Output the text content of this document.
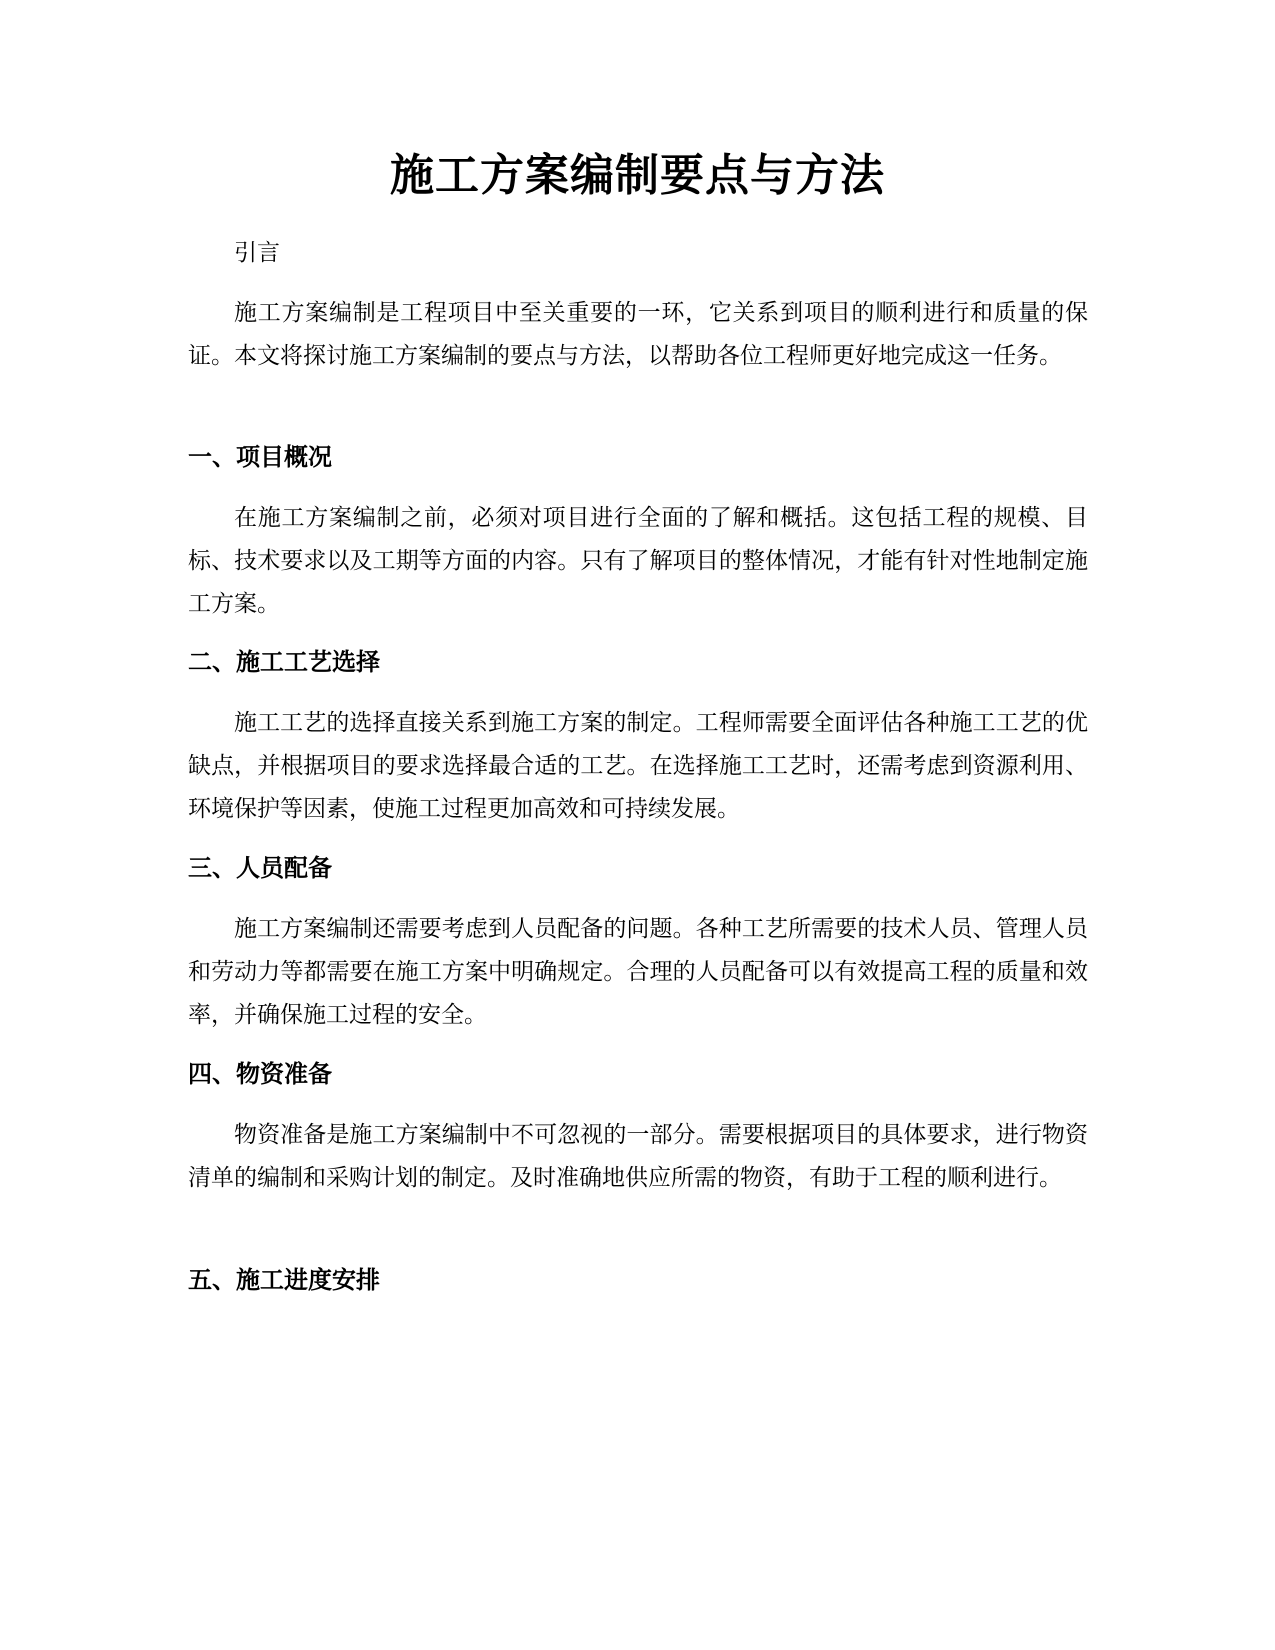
施工方案编制要点与方法

引言

施工方案编制是工程项目中至关重要的一环，它关系到项目的顺利进行和质量的保证。本文将探讨施工方案编制的要点与方法，以帮助各位工程师更好地完成这一任务。

一、项目概况

在施工方案编制之前，必须对项目进行全面的了解和概括。这包括工程的规模、目标、技术要求以及工期等方面的内容。只有了解项目的整体情况，才能有针对性地制定施工方案。

二、施工工艺选择

施工工艺的选择直接关系到施工方案的制定。工程师需要全面评估各种施工工艺的优缺点，并根据项目的要求选择最合适的工艺。在选择施工工艺时，还需考虑到资源利用、环境保护等因素，使施工过程更加高效和可持续发展。

三、人员配备

施工方案编制还需要考虑到人员配备的问题。各种工艺所需要的技术人员、管理人员和劳动力等都需要在施工方案中明确规定。合理的人员配备可以有效提高工程的质量和效率，并确保施工过程的安全。

四、物资准备

物资准备是施工方案编制中不可忽视的一部分。需要根据项目的具体要求，进行物资清单的编制和采购计划的制定。及时准确地供应所需的物资，有助于工程的顺利进行。

五、施工进度安排
